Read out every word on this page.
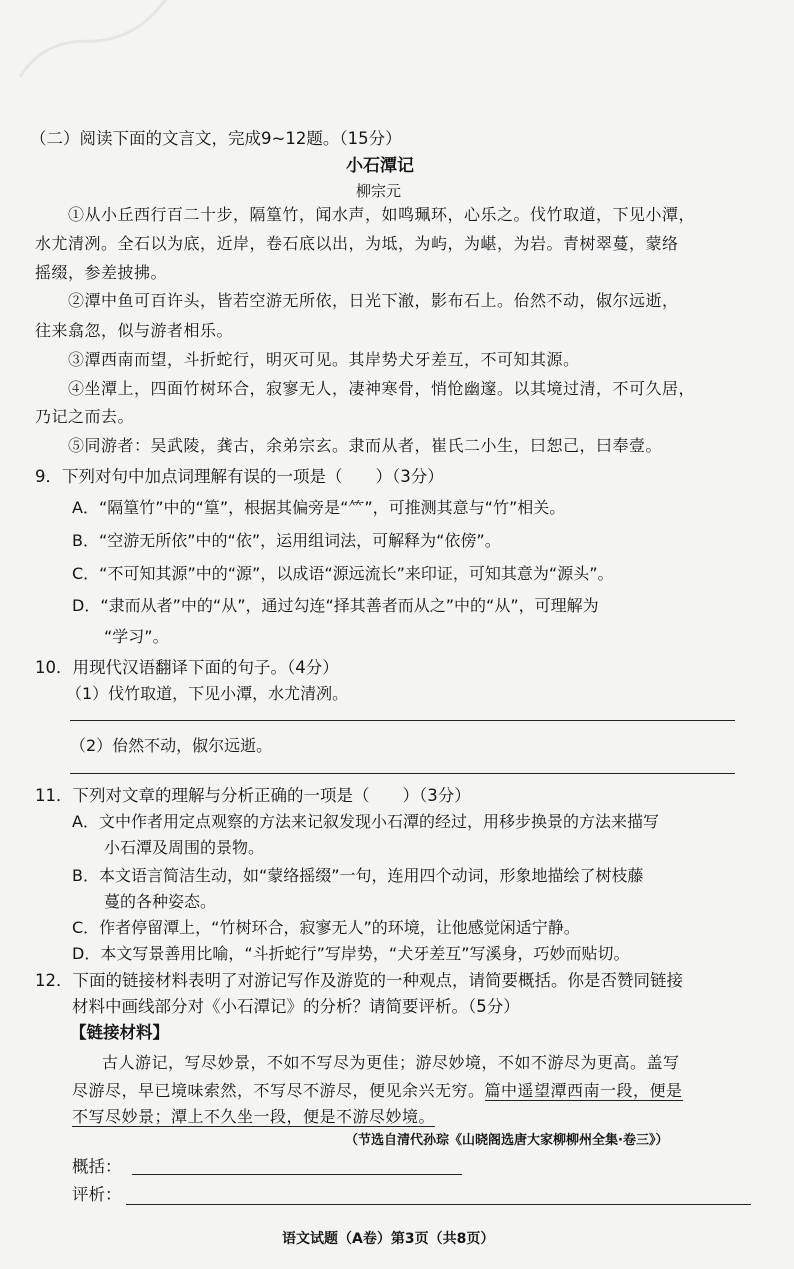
（二）阅读下面的文言文，完成9~12题。（15分）
小石潭记
柳宗元
①从小丘西行百二十步，隔篁竹，闻水声，如鸣珮环，心乐之。伐竹取道，下见小潭，
水尤清冽。全石以为底，近岸，卷石底以出，为坻，为屿，为嵁，为岩。青树翠蔓，蒙络
摇缀，参差披拂。
②潭中鱼可百许头，皆若空游无所依，日光下澈，影布石上。佁然不动，俶尔远逝，
往来翕忽，似与游者相乐。
③潭西南而望，斗折蛇行，明灭可见。其岸势犬牙差互，不可知其源。
④坐潭上，四面竹树环合，寂寥无人，凄神寒骨，悄怆幽邃。以其境过清，不可久居，
乃记之而去。
⑤同游者：吴武陵，龚古，余弟宗玄。隶而从者，崔氏二小生，曰恕己，曰奉壹。
9．下列对句中加点词理解有误的一项是（　　）（3分）
A．“隔篁竹”中的“篁”，根据其偏旁是“⺮”，可推测其意与“竹”相关。
B．“空游无所依”中的“依”，运用组词法，可解释为“依傍”。
C．“不可知其源”中的“源”，以成语“源远流长”来印证，可知其意为“源头”。
D．“隶而从者”中的“从”，通过勾连“择其善者而从之”中的“从”，可理解为
“学习”。
10．用现代汉语翻译下面的句子。（4分）
（1）伐竹取道，下见小潭，水尤清冽。
（2）佁然不动，俶尔远逝。
11．下列对文章的理解与分析正确的一项是（　　）（3分）
A．文中作者用定点观察的方法来记叙发现小石潭的经过，用移步换景的方法来描写
小石潭及周围的景物。
B．本文语言简洁生动，如“蒙络摇缀”一句，连用四个动词，形象地描绘了树枝藤
蔓的各种姿态。
C．作者停留潭上，“竹树环合，寂寥无人”的环境，让他感觉闲适宁静。
D．本文写景善用比喻，“斗折蛇行”写岸势，“犬牙差互”写溪身，巧妙而贴切。
12．下面的链接材料表明了对游记写作及游览的一种观点，请简要概括。你是否赞同链接
材料中画线部分对《小石潭记》的分析？请简要评析。（5分）
【链接材料】
古人游记，写尽妙景，不如不写尽为更佳；游尽妙境，不如不游尽为更高。盖写
尽游尽，早已境味索然，不写尽不游尽，便见余兴无穷。篇中遥望潭西南一段，便是
不写尽妙景；潭上不久坐一段，便是不游尽妙境。
（节选自清代孙琮《山晓阁选唐大家柳柳州全集·卷三》）
概括：
评析：
语文试题（A卷）第3页（共8页）
